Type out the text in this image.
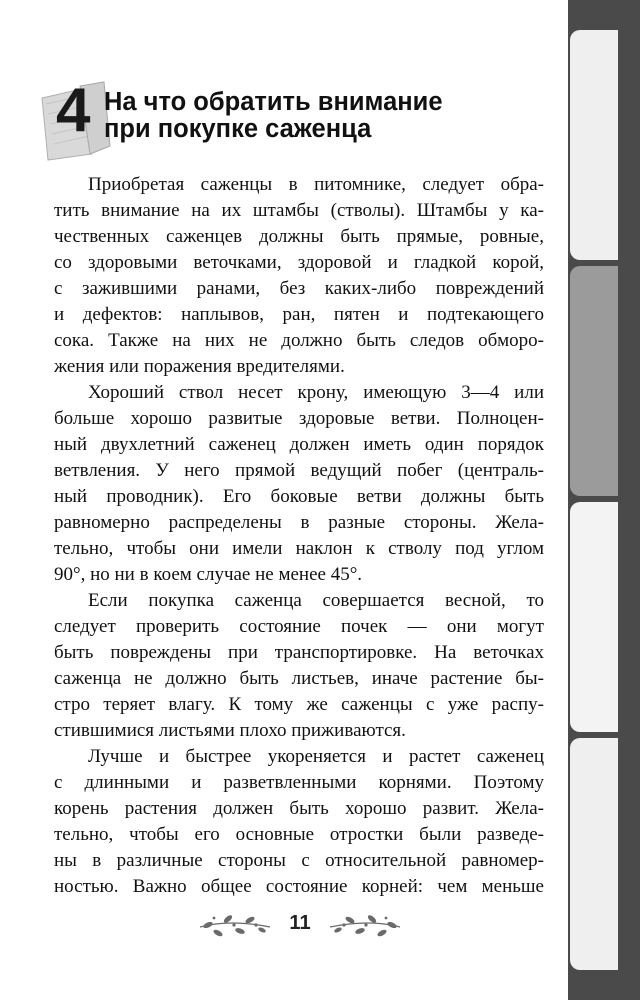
4 На что обратить внимание
при покупке саженца
Приобретая саженцы в питомнике, следует обра-
тить внимание на их штамбы (стволы). Штамбы у ка-
чественных саженцев должны быть прямые, ровные,
со здоровыми веточками, здоровой и гладкой корой,
с зажившими ранами, без каких-либо повреждений
и дефектов: наплывов, ран, пятен и подтекающего
сока. Также на них не должно быть следов обморо-
жения или поражения вредителями.
Хороший ствол несет крону, имеющую 3—4 или
больше хорошо развитые здоровые ветви. Полноцен-
ный двухлетний саженец должен иметь один порядок
ветвления. У него прямой ведущий побег (централь-
ный проводник). Его боковые ветви должны быть
равномерно распределены в разные стороны. Жела-
тельно, чтобы они имели наклон к стволу под углом
90°, но ни в коем случае не менее 45°.
Если покупка саженца совершается весной, то
следует проверить состояние почек — они могут
быть повреждены при транспортировке. На веточках
саженца не должно быть листьев, иначе растение бы-
стро теряет влагу. К тому же саженцы с уже распу-
стившимися листьями плохо приживаются.
Лучше и быстрее укореняется и растет саженец
с длинными и разветвленными корнями. Поэтому
корень растения должен быть хорошо развит. Жела-
тельно, чтобы его основные отростки были разведе-
ны в различные стороны с относительной равномер-
ностью. Важно общее состояние корней: чем меньше
11
